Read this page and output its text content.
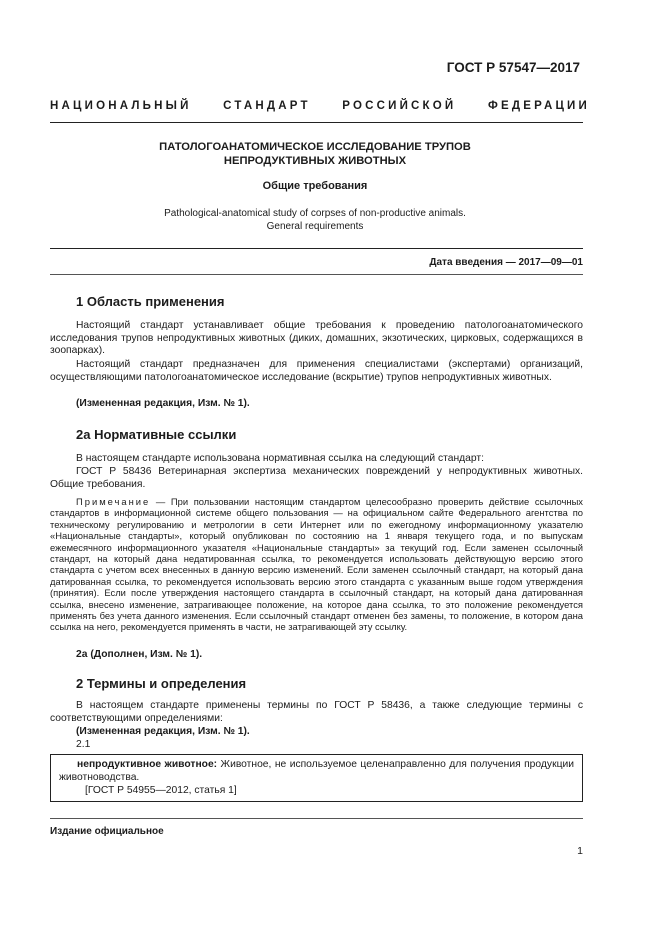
ГОСТ Р 57547—2017
НАЦИОНАЛЬНЫЙ СТАНДАРТ РОССИЙСКОЙ ФЕДЕРАЦИИ
ПАТОЛОГОАНАТОМИЧЕСКОЕ ИССЛЕДОВАНИЕ ТРУПОВ
НЕПРОДУКТИВНЫХ ЖИВОТНЫХ
Общие требования
Pathological-anatomical study of corpses of non-productive animals.
General requirements
Дата введения — 2017—09—01
1 Область применения
Настоящий стандарт устанавливает общие требования к проведению патологоанатомического исследования трупов непродуктивных животных (диких, домашних, экзотических, цирковых, содержащихся в зоопарках).
Настоящий стандарт предназначен для применения специалистами (экспертами) организаций, осуществляющими патологоанатомическое исследование (вскрытие) трупов непродуктивных животных.
(Измененная редакция, Изм. № 1).
2а Нормативные ссылки
В настоящем стандарте использована нормативная ссылка на следующий стандарт:
ГОСТ Р 58436 Ветеринарная экспертиза механических повреждений у непродуктивных животных. Общие требования.
Примечание — При пользовании настоящим стандартом целесообразно проверить действие ссылочных стандартов в информационной системе общего пользования — на официальном сайте Федерального агентства по техническому регулированию и метрологии в сети Интернет или по ежегодному информационному указателю «Национальные стандарты», который опубликован по состоянию на 1 января текущего года, и по выпускам ежемесячного информационного указателя «Национальные стандарты» за текущий год. Если заменен ссылочный стандарт, на который дана недатированная ссылка, то рекомендуется использовать действующую версию этого стандарта с учетом всех внесенных в данную версию изменений. Если заменен ссылочный стандарт, на который дана датированная ссылка, то рекомендуется использовать версию этого стандарта с указанным выше годом утверждения (принятия). Если после утверждения настоящего стандарта в ссылочный стандарт, на который дана датированная ссылка, внесено изменение, затрагивающее положение, на которое дана ссылка, то это положение рекомендуется применять без учета данного изменения. Если ссылочный стандарт отменен без замены, то положение, в котором дана ссылка на него, рекомендуется применять в части, не затрагивающей эту ссылку.
2а (Дополнен, Изм. № 1).
2 Термины и определения
В настоящем стандарте применены термины по ГОСТ Р 58436, а также следующие термины с соответствующими определениями:
(Измененная редакция, Изм. № 1).
2.1
непродуктивное животное: Животное, не используемое целенаправленно для получения продукции животноводства.
[ГОСТ Р 54955—2012, статья 1]
Издание официальное
1
